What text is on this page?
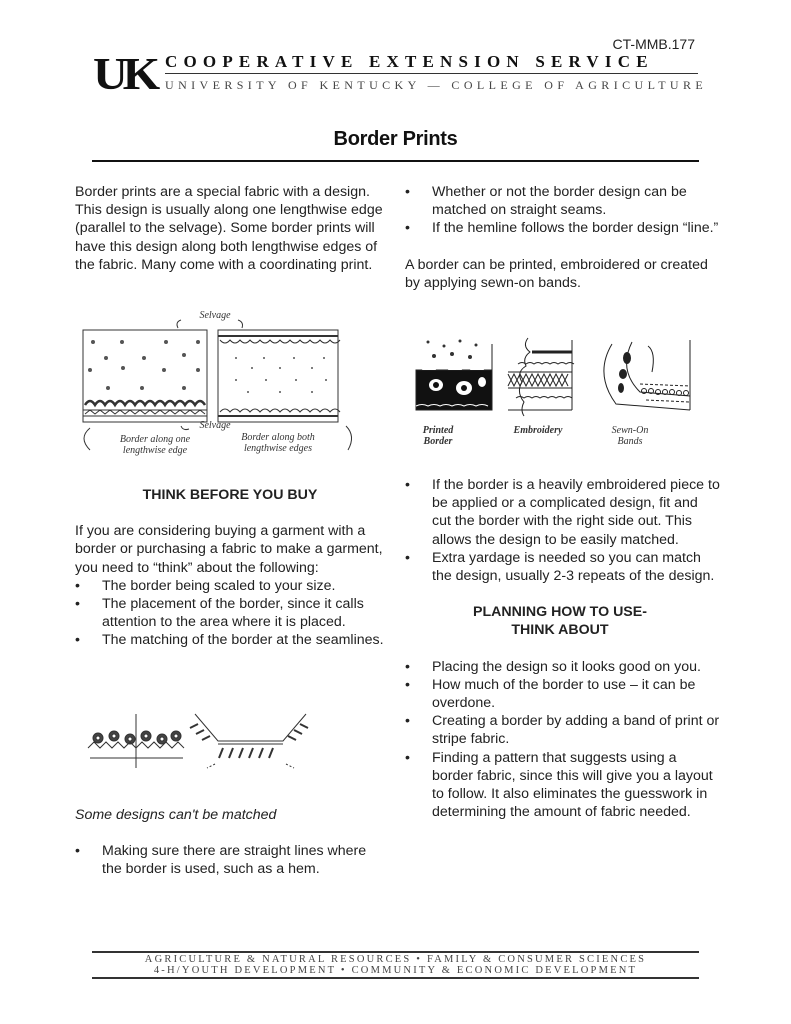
CT-MMB.177
UK COOPERATIVE EXTENSION SERVICE
UNIVERSITY OF KENTUCKY — COLLEGE OF AGRICULTURE
Border Prints

Border prints are a special fabric with a design. This design is usually along one lengthwise edge (parallel to the selvage). Some border prints will have this design along both lengthwise edges of the fabric. Many come with a coordinating print.

Selvage
Selvage
Border along one lengthwise edge
Border along both lengthwise edges

THINK BEFORE YOU BUY

If you are considering buying a garment with a border or purchasing a fabric to make a garment, you need to “think” about the following:

• The border being scaled to your size.
• The placement of the border, since it calls attention to the area where it is placed.
• The matching of the border at the seamlines.

Some designs can't be matched

• Making sure there are straight lines where the border is used, such as a hem.
• Whether or not the border design can be matched on straight seams.
• If the hemline follows the border design “line.”

A border can be printed, embroidered or created by applying sewn-on bands.

Printed Border
Embroidery	Sewn-On Bands
• If the border is a heavily embroidered piece to be applied or a complicated design, fit and cut the border with the right side out. This allows the design to be easily matched.
• Extra yardage is needed so you can match the design, usually 2-3 repeats of the design.

PLANNING HOW TO USE-

THINK ABOUT

• Placing the design so it looks good on you.
• How much of the border to use – it can be overdone.
• Creating a border by adding a band of print or stripe fabric.
• Finding a pattern that suggests using a border fabric, since this will give you a layout to follow. It also eliminates the guesswork in determining the amount of fabric needed.
AGRICULTURE & NATURAL RESOURCES • FAMILY & CONSUMER SCIENCES
4-H/YOUTH DEVELOPMENT • COMMUNITY & ECONOMIC DEVELOPMENT
